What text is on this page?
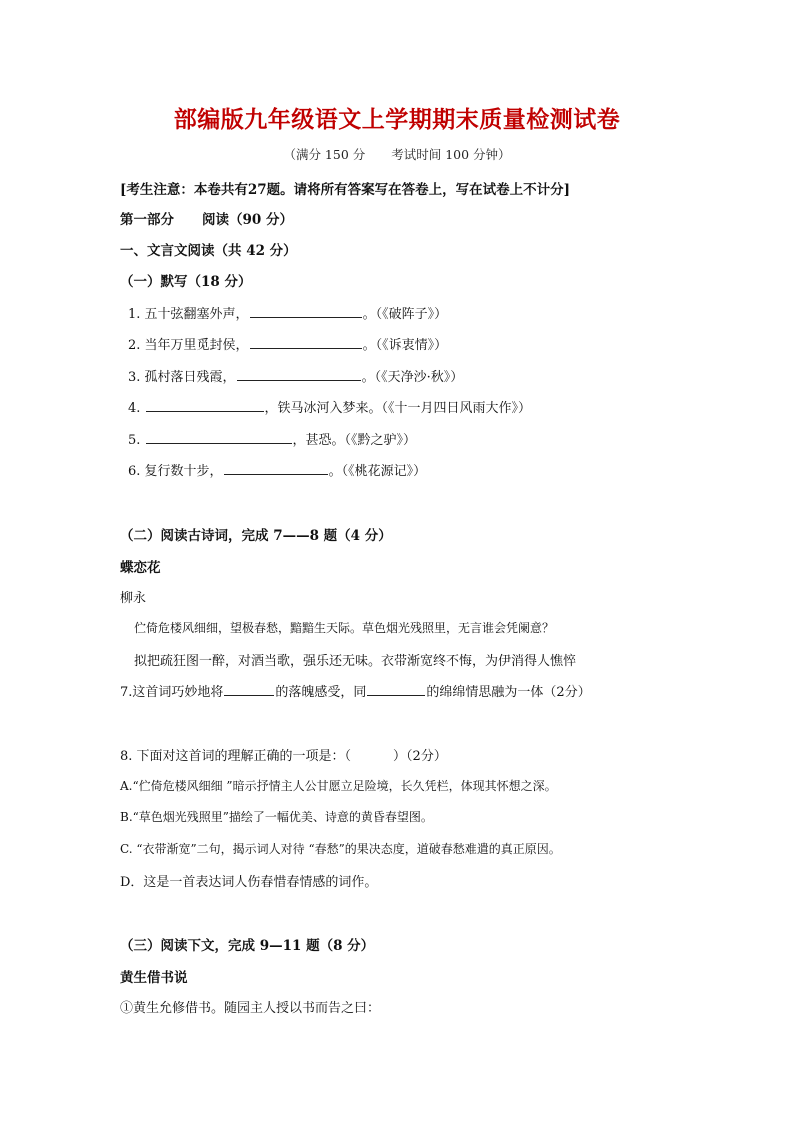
部编版九年级语文上学期期末质量检测试卷
（满分 150 分 考试时间 100 分钟）
[考生注意：本卷共有27题。请将所有答案写在答卷上，写在试卷上不计分]
第一部分 阅读（90 分）
一、文言文阅读（共 42 分）
（一）默写（18 分）
1. 五十弦翻塞外声，	。（《破阵子》）
2. 当年万里觅封侯，	。（《诉衷情》）
3. 孤村落日残霞，	。（《天净沙·秋》）
4.	，铁马冰河入梦来。（《十一月四日风雨大作》）
5.	，甚恐。（《黔之驴》）
6. 复行数十步，	。（《桃花源记》）
（二）阅读古诗词，完成 7——8 题（4 分）
蝶恋花
柳永
伫倚危楼风细细，望极春愁，黯黯生天际。草色烟光残照里，无言谁会凭阑意？
拟把疏狂图一醉，对酒当歌，强乐还无味。衣带渐宽终不悔，为伊消得人憔悴
7.这首词巧妙地将	的落魄感受，同	的绵绵情思融为一体（2分）
8. 下面对这首词的理解正确的一项是：（	）（2分）
A.“伫倚危楼风细细 ”暗示抒情主人公甘愿立足险境，长久凭栏，体现其怀想之深。
B.“草色烟光残照里”描绘了一幅优美、诗意的黄昏春望图。
C. “衣带渐宽”二句，揭示词人对待 “春愁”的果决态度，道破春愁难遣的真正原因。
D．这是一首表达词人伤春惜春情感的词作。
（三）阅读下文，完成 9—11 题（8 分）
黄生借书说
①黄生允修借书。随园主人授以书而告之曰：
